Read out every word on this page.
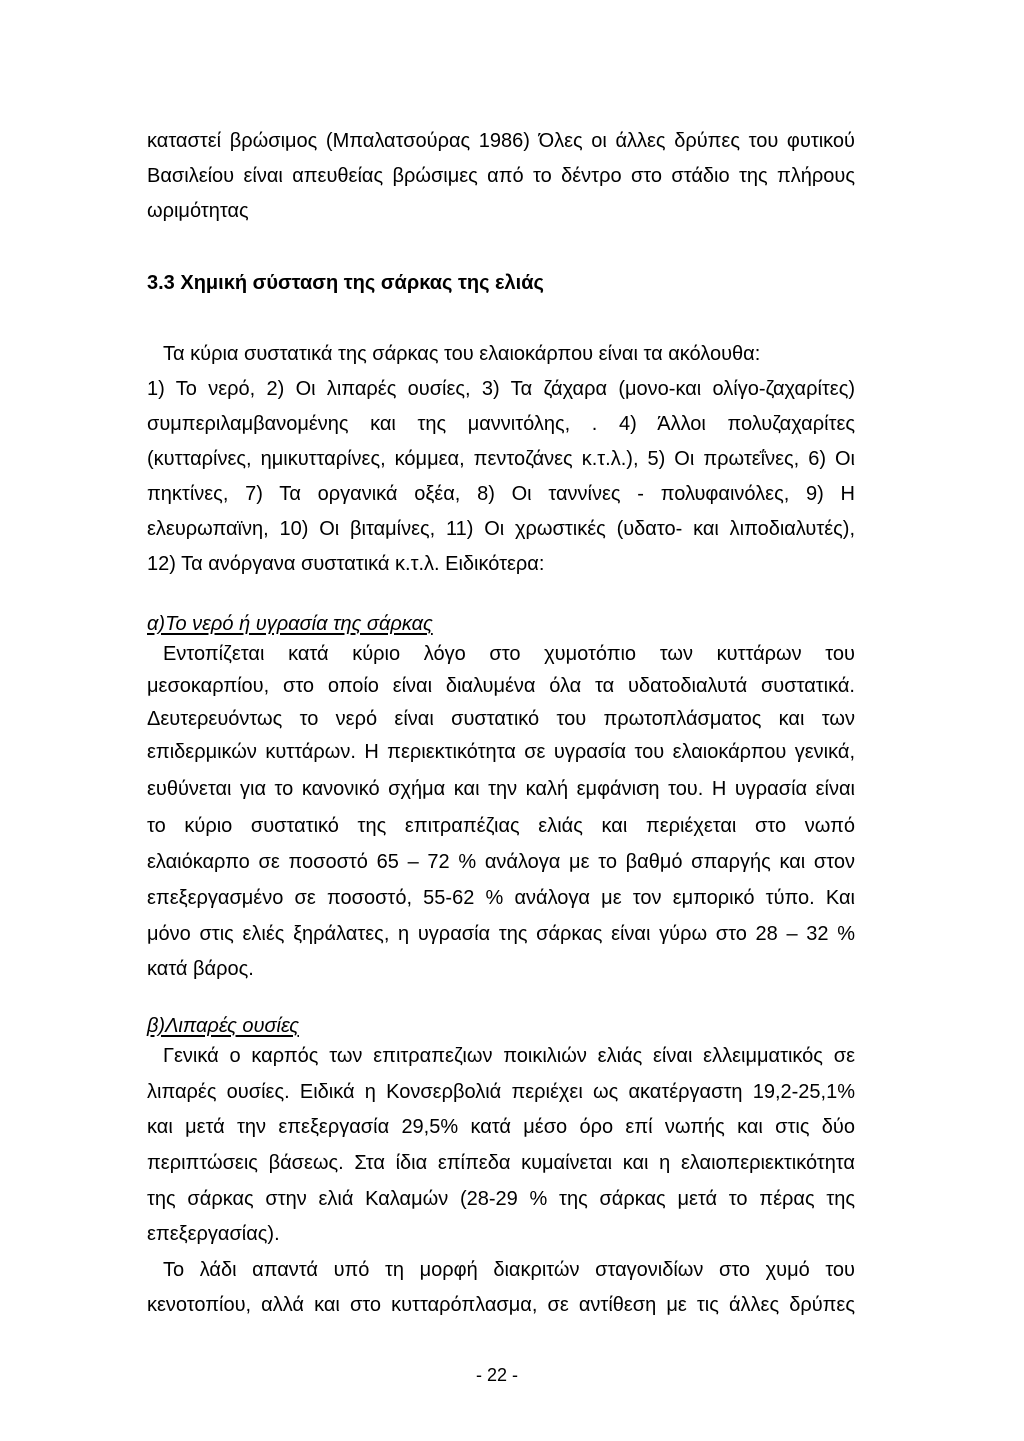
καταστεί βρώσιμος (Μπαλατσούρας 1986) Όλες οι άλλες δρύπες του φυτικού
Βασιλείου είναι απευθείας βρώσιμες από το δέντρο στο στάδιο της πλήρους
ωριμότητας
3.3 Χημική σύσταση της σάρκας της ελιάς
Τα κύρια συστατικά της σάρκας του ελαιοκάρπου είναι τα ακόλουθα:
1) Το νερό, 2) Οι λιπαρές ουσίες, 3) Τα ζάχαρα (μονο-και ολίγο-ζαχαρίτες)
συμπεριλαμβανομένης και της μαννιτόλης, . 4) Άλλοι πολυζαχαρίτες
(κυτταρίνες, ημικυτταρίνες, κόμμεα, πεντοζάνες κ.τ.λ.), 5) Οι πρωτεΐνες, 6) Οι
πηκτίνες, 7) Τα οργανικά οξέα, 8) Οι ταννίνες - πολυφαινόλες, 9) Η
ελευρωπαϊνη, 10) Οι βιταμίνες, 11) Οι χρωστικές (υδατο- και λιποδιαλυτές),
12) Τα ανόργανα συστατικά κ.τ.λ. Ειδικότερα:
α)Το νερό ή υγρασία της σάρκας
Εντοπίζεται κατά κύριο λόγο στο χυμοτόπιο των κυττάρων του
μεσοκαρπίου, στο οποίο είναι διαλυμένα όλα τα υδατοδιαλυτά συστατικά.
Δευτερευόντως το νερό είναι συστατικό του πρωτοπλάσματος και των
επιδερμικών κυττάρων. Η περιεκτικότητα σε υγρασία του ελαιοκάρπου γενικά,
ευθύνεται για το κανονικό σχήμα και την καλή εμφάνιση του. Η υγρασία είναι
το κύριο συστατικό της επιτραπέζιας ελιάς και περιέχεται στο νωπό
ελαιόκαρπο σε ποσοστό 65 – 72 % ανάλογα με το βαθμό σπαργής και στον
επεξεργασμένο σε ποσοστό, 55-62 % ανάλογα με τον εμπορικό τύπο. Και
μόνο στις ελιές ξηράλατες, η υγρασία της σάρκας είναι γύρω στο 28 – 32 %
κατά βάρος.
β)Λιπαρές ουσίες
Γενικά ο καρπός των επιτραπεζιων ποικιλιών ελιάς είναι ελλειμματικός σε
λιπαρές ουσίες. Ειδικά η Κονσερβολιά περιέχει ως ακατέργαστη 19,2-25,1%
και μετά την επεξεργασία 29,5% κατά μέσο όρο επί νωπής και στις δύο
περιπτώσεις βάσεως. Στα ίδια επίπεδα κυμαίνεται και η ελαιοπεριεκτικότητα
της σάρκας στην ελιά Καλαμών (28-29 % της σάρκας μετά το πέρας της
επεξεργασίας).
Το λάδι απαντά υπό τη μορφή διακριτών σταγονιδίων στο χυμό του
κενοτοπίου, αλλά και στο κυτταρόπλασμα, σε αντίθεση με τις άλλες δρύπες
- 22 -
